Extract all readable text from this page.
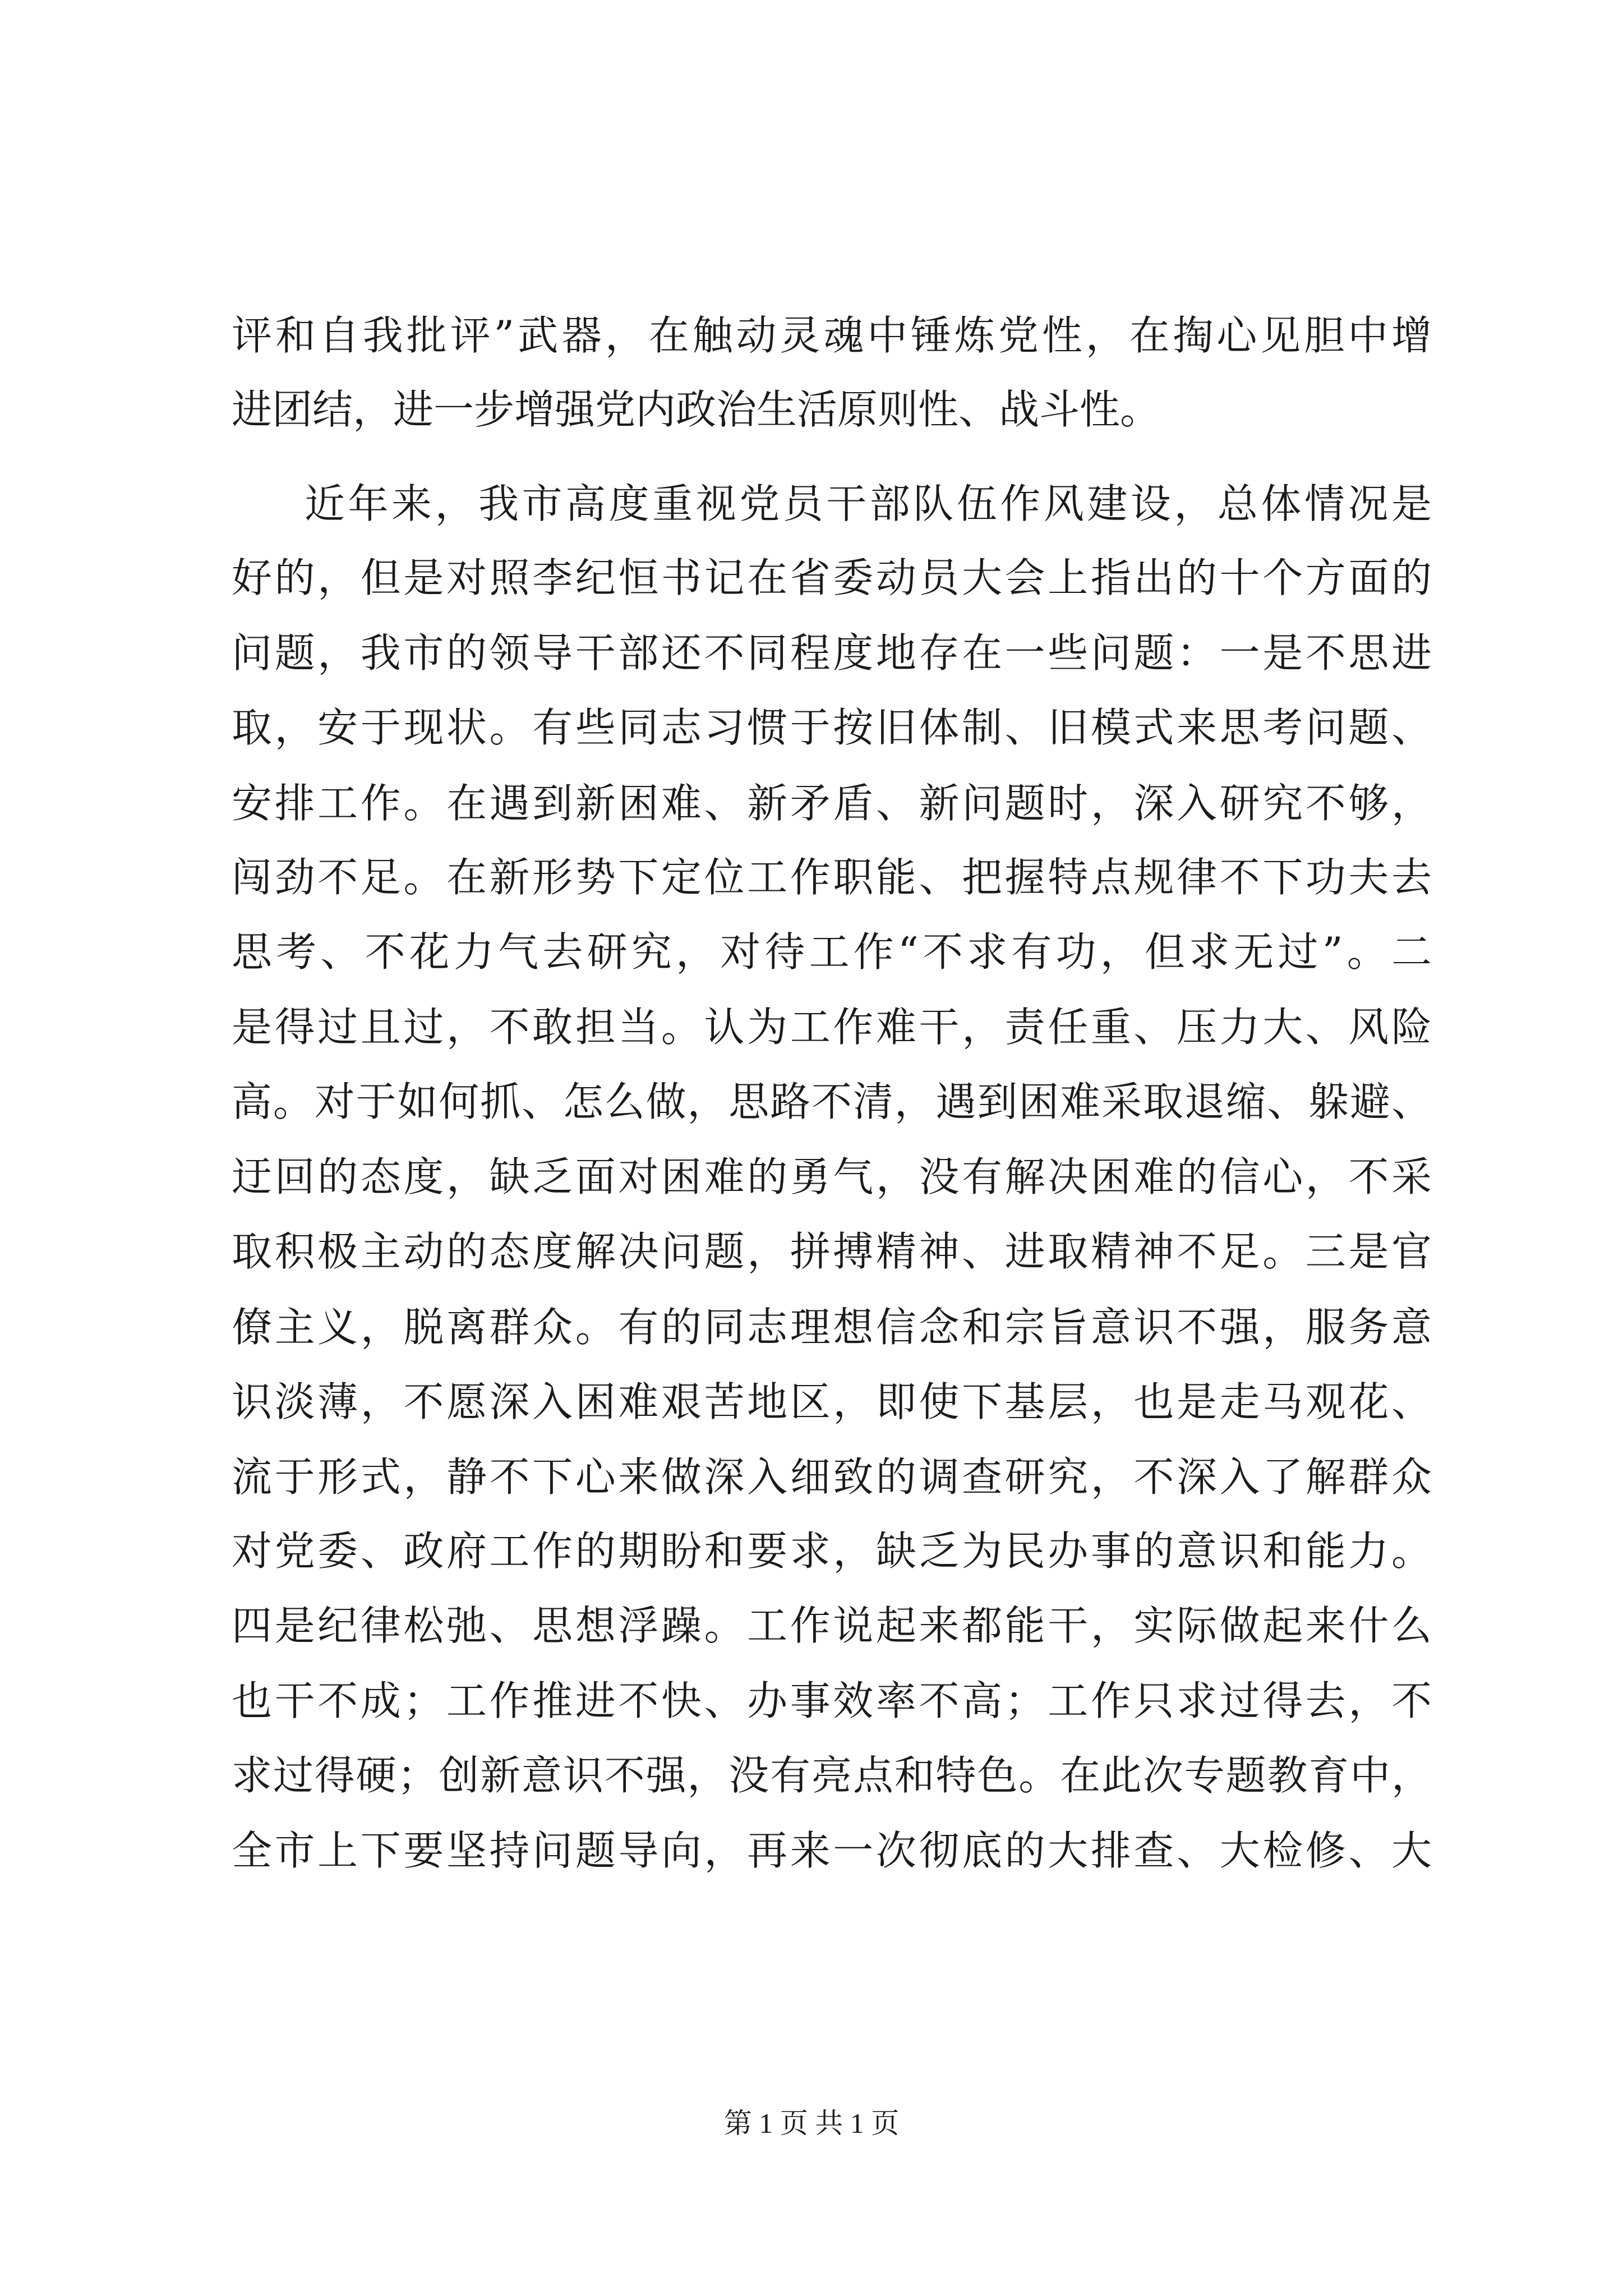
评和自我批评”武器，在触动灵魂中锤炼党性，在掏心见胆中增
进团结，进一步增强党内政治生活原则性、战斗性。
近年来，我市高度重视党员干部队伍作风建设，总体情况是
好的，但是对照李纪恒书记在省委动员大会上指出的十个方面的
问题，我市的领导干部还不同程度地存在一些问题：一是不思进
取，安于现状。有些同志习惯于按旧体制、旧模式来思考问题、
安排工作。在遇到新困难、新矛盾、新问题时，深入研究不够，
闯劲不足。在新形势下定位工作职能、把握特点规律不下功夫去
思考、不花力气去研究，对待工作“不求有功，但求无过”。二
是得过且过，不敢担当。认为工作难干，责任重、压力大、风险
高。对于如何抓、怎么做，思路不清，遇到困难采取退缩、躲避、
迂回的态度，缺乏面对困难的勇气，没有解决困难的信心，不采
取积极主动的态度解决问题，拼搏精神、进取精神不足。三是官
僚主义，脱离群众。有的同志理想信念和宗旨意识不强，服务意
识淡薄，不愿深入困难艰苦地区，即使下基层，也是走马观花、
流于形式，静不下心来做深入细致的调查研究，不深入了解群众
对党委、政府工作的期盼和要求，缺乏为民办事的意识和能力。
四是纪律松弛、思想浮躁。工作说起来都能干，实际做起来什么
也干不成；工作推进不快、办事效率不高；工作只求过得去，不
求过得硬；创新意识不强，没有亮点和特色。在此次专题教育中，
全市上下要坚持问题导向，再来一次彻底的大排查、大检修、大
第 1 页 共 1 页
